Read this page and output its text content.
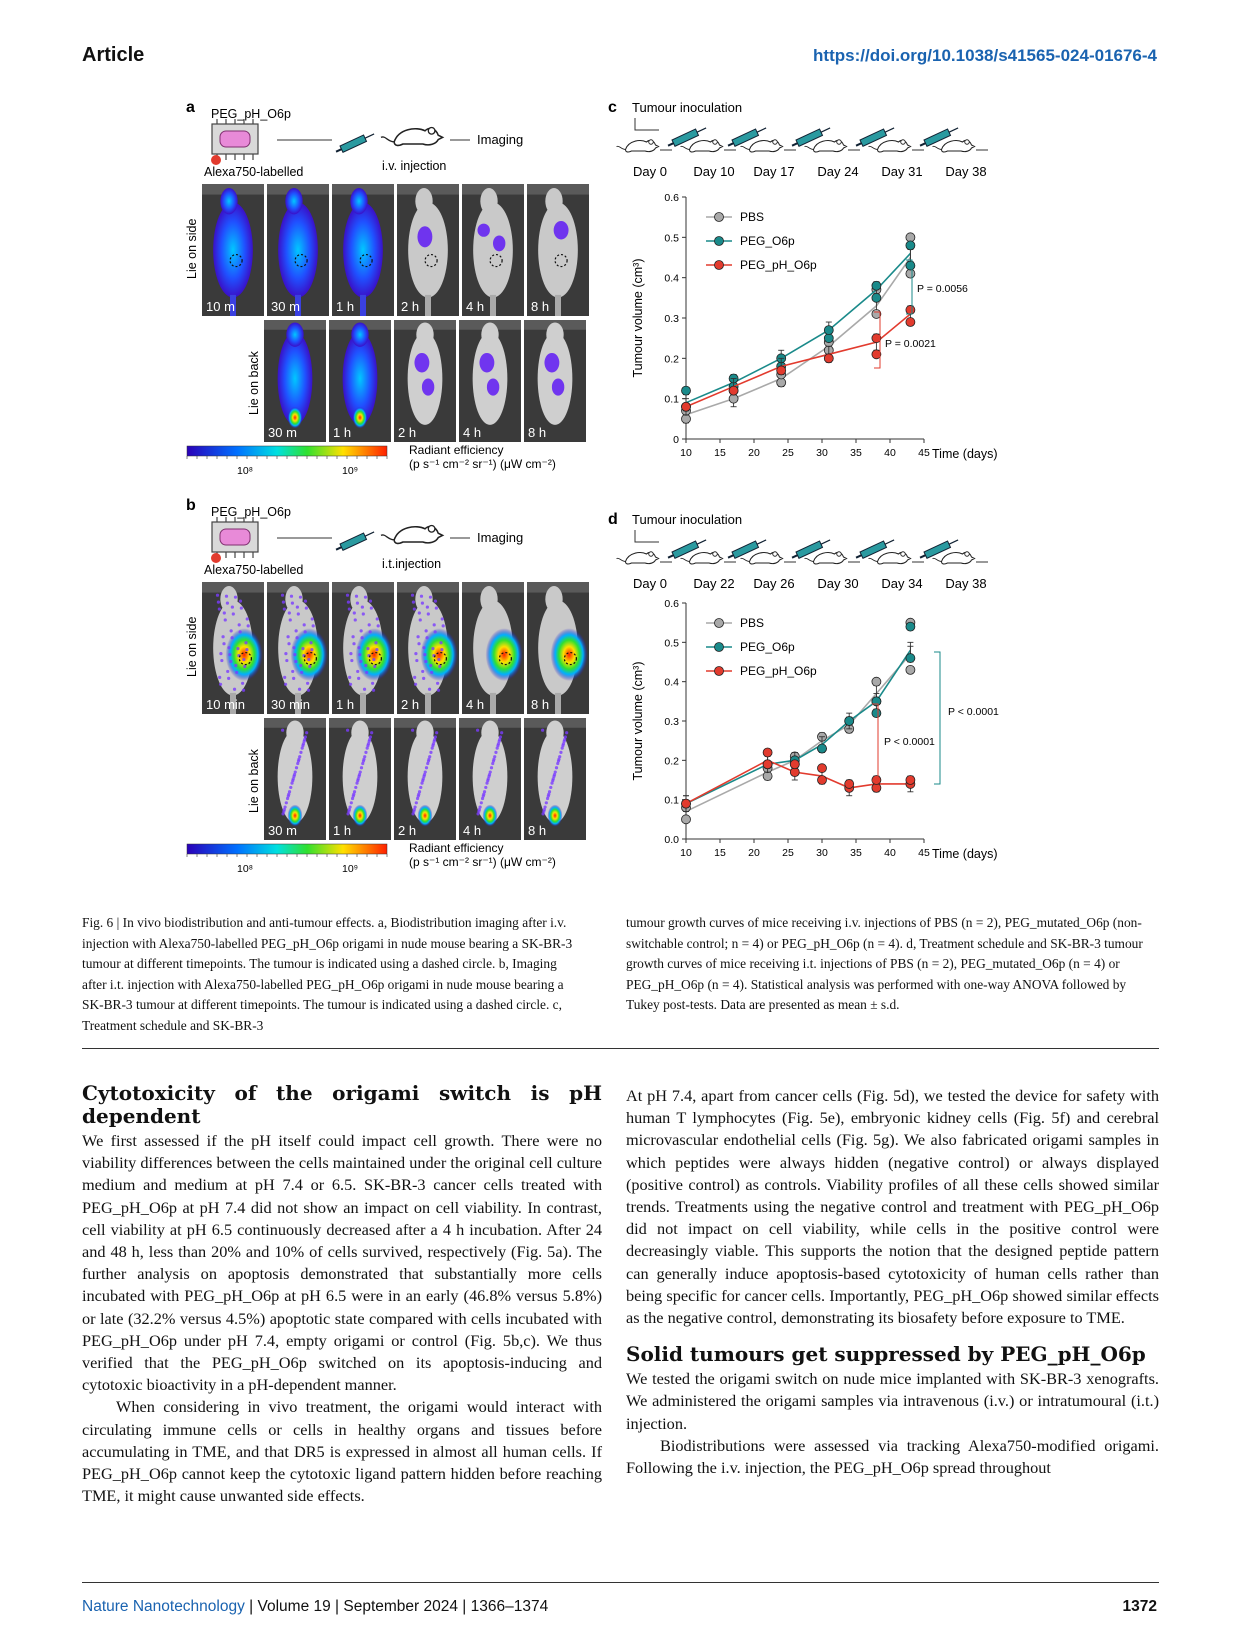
Article	https://doi.org/10.1038/s41565-024-01676-4
a PEG_pH_O6p
Alexa750-labelled
Imaging
i.v. injection
Lie on side
10 m	30 m	1 h	2 h	4 h	8 h
Lie on back
30 m	1 h	2 h	4 h	8 h
10⁸	10⁹
Radiant efficiency
(p s⁻¹ cm⁻² sr⁻¹) (μW cm⁻²)
b PEG_pH_O6p
Alexa750-labelled
Imaging
i.t.injection
Lie on side
10 min 30 min 1 h	2 h	4 h	8 h
Lie on back
30 m	1 h	2 h	4 h	8 h
10⁸	10⁹
Radiant efficiency
(p s⁻¹ cm⁻² sr⁻¹) (μW cm⁻²)
c Tumour inoculation
Day 0 Day 10 Day 17 Day 24 Day 31 Day 38
0
0.1
0.2
0.3
0.4
0.5
0.6
10 15 20 25 30 35 40 45 Time (days)
Tumour volume (cm³)
PBS
PEG_O6p
PEG_pH_O6p
P = 0.0056
P = 0.0021
d Tumour inoculation
Day 0 Day 22 Day 26 Day 30 Day 34 Day 38
0.0
0.1
0.2
0.3
0.4
0.5
0.6
10 15 20 25 30 35 40 45 Time (days)
Tumour volume (cm³)
PBS
PEG_O6p
PEG_pH_O6p
P < 0.0001
P < 0.0001
Fig. 6 | In vivo biodistribution and anti-tumour effects. a, Biodistribution imaging after i.v. injection with Alexa750-labelled PEG_pH_O6p origami in nude mouse bearing a SK-BR-3 tumour at different timepoints. The tumour is indicated using a dashed circle. b, Imaging after i.t. injection with Alexa750-labelled PEG_pH_O6p origami in nude mouse bearing a SK-BR-3 tumour at different timepoints. The tumour is indicated using a dashed circle. c, Treatment schedule and SK-BR-3
tumour growth curves of mice receiving i.v. injections of PBS (n = 2), PEG_mutated_O6p (non-switchable control; n = 4) or PEG_pH_O6p (n = 4). d, Treatment schedule and SK-BR-3 tumour growth curves of mice receiving i.t. injections of PBS (n = 2), PEG_mutated_O6p (n = 4) or PEG_pH_O6p (n = 4). Statistical analysis was performed with one-way ANOVA followed by Tukey post-tests. Data are presented as mean ± s.d.
Cytotoxicity of the origami switch is pH dependent

We first assessed if the pH itself could impact cell growth. There were no viability differences between the cells maintained under the original cell culture medium and medium at pH 7.4 or 6.5. SK-BR-3 cancer cells treated with PEG_pH_O6p at pH 7.4 did not show an impact on cell viability. In contrast, cell viability at pH 6.5 continuously decreased after a 4 h incubation. After 24 and 48 h, less than 20% and 10% of cells survived, respectively (Fig. 5a). The further analysis on apoptosis demonstrated that substantially more cells incubated with PEG_pH_O6p at pH 6.5 were in an early (46.8% versus 5.8%) or late (32.2% versus 4.5%) apoptotic state compared with cells incubated with PEG_pH_O6p under pH 7.4, empty origami or control (Fig. 5b,c). We thus verified that the PEG_pH_O6p switched on its apoptosis-inducing and cytotoxic bioactivity in a pH-dependent manner.

When considering in vivo treatment, the origami would interact with circulating immune cells or cells in healthy organs and tissues before accumulating in TME, and that DR5 is expressed in almost all human cells. If PEG_pH_O6p cannot keep the cytotoxic ligand pattern hidden before reaching TME, it might cause unwanted side effects.

At pH 7.4, apart from cancer cells (Fig. 5d), we tested the device for safety with human T lymphocytes (Fig. 5e), embryonic kidney cells (Fig. 5f) and cerebral microvascular endothelial cells (Fig. 5g). We also fabricated origami samples in which peptides were always hidden (negative control) or always displayed (positive control) as controls. Viability profiles of all these cells showed similar trends. Treatments using the negative control and treatment with PEG_pH_O6p did not impact on cell viability, while cells in the positive control were decreasingly viable. This supports the notion that the designed peptide pattern can generally induce apoptosis-based cytotoxicity of human cells rather than being specific for cancer cells. Importantly, PEG_pH_O6p showed similar effects as the negative control, demonstrating its biosafety before exposure to TME.

Solid tumours get suppressed by PEG_pH_O6p

We tested the origami switch on nude mice implanted with SK-BR-3 xenografts. We administered the origami samples via intravenous (i.v.) or intratumoural (i.t.) injection.

Biodistributions were assessed via tracking Alexa750-modified origami. Following the i.v. injection, the PEG_pH_O6p spread throughout

Nature Nanotechnology | Volume 19 | September 2024 | 1366–1374	1372
